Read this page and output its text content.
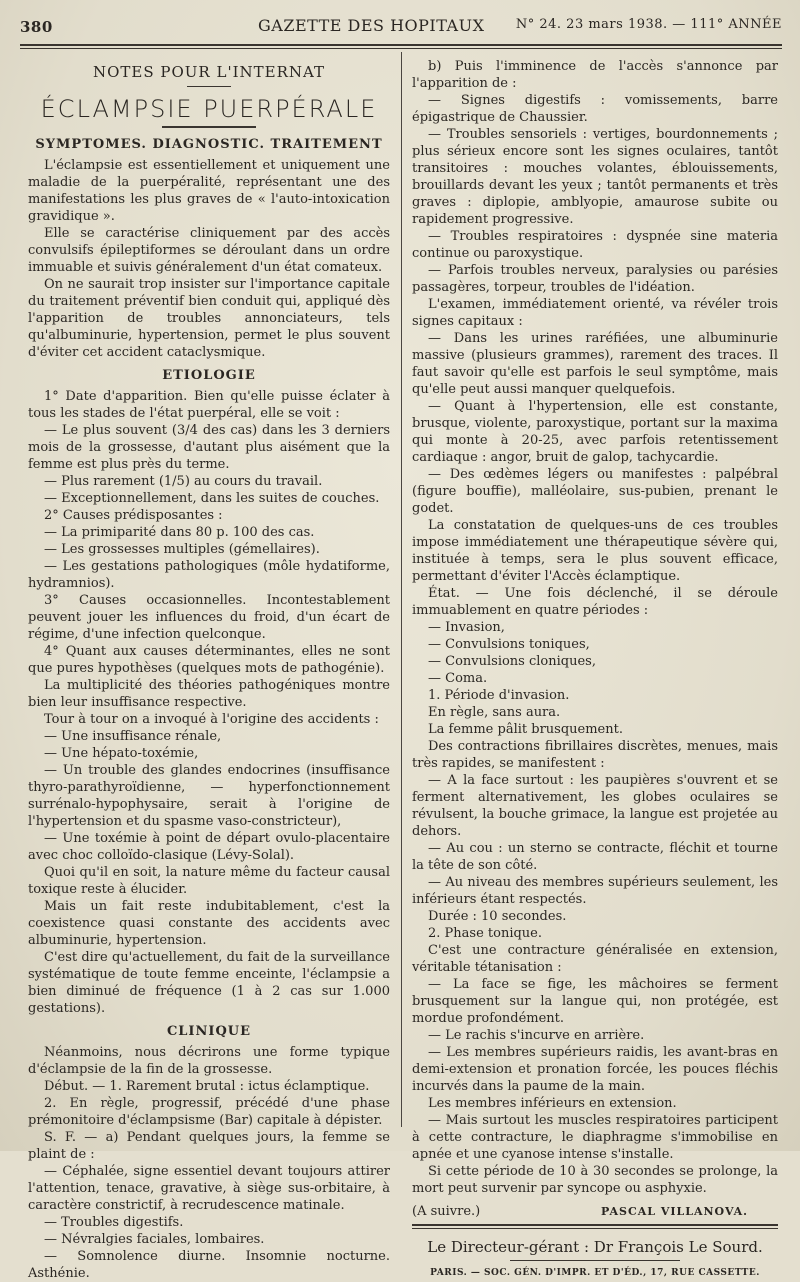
380	GAZETTE DES HOPITAUX N° 24. 23 mars 1938. — 111° ANNÉE
NOTES POUR L'INTERNAT
ÉCLAMPSIE PUERPÉRALE
SYMPTOMES. DIAGNOSTIC. TRAITEMENT

L'éclampsie est essentiellement et uniquement une maladie de la puerpéralité, représentant une des manifestations les plus graves de « l'auto-intoxication gravidique ».

Elle se caractérise cliniquement par des accès convulsifs épileptiformes se déroulant dans un ordre immuable et suivis généralement d'un état comateux.

On ne saurait trop insister sur l'importance capitale du traitement préventif bien conduit qui, appliqué dès l'apparition de troubles annonciateurs, tels qu'albuminurie, hypertension, permet le plus souvent d'éviter cet accident cataclysmique.

ETIOLOGIE

1° Date d'apparition. Bien qu'elle puisse éclater à tous les stades de l'état puerpéral, elle se voit :

— Le plus souvent (3/4 des cas) dans les 3 derniers mois de la grossesse, d'autant plus aisément que la femme est plus près du terme.

— Plus rarement (1/5) au cours du travail.

— Exceptionnellement, dans les suites de couches.

2° Causes prédisposantes :

— La primiparité dans 80 p. 100 des cas.

— Les grossesses multiples (gémellaires).

— Les gestations pathologiques (môle hydatiforme, hydramnios).

3° Causes occasionnelles. Incontestablement peuvent jouer les influences du froid, d'un écart de régime, d'une infection quelconque.

4° Quant aux causes déterminantes, elles ne sont que pures hypothèses (quelques mots de pathogénie).

La multiplicité des théories pathogéniques montre bien leur insuffisance respective.

Tour à tour on a invoqué à l'origine des accidents :

— Une insuffisance rénale,

— Une hépato-toxémie,

— Un trouble des glandes endocrines (insuffisance thyro-parathyroïdienne, — hyperfonctionnement surrénalo-hypophysaire, serait à l'origine de l'hypertension et du spasme vaso-constricteur),

— Une toxémie à point de départ ovulo-placentaire avec choc colloïdo-clasique (Lévy-Solal).

Quoi qu'il en soit, la nature même du facteur causal toxique reste à élucider.

Mais un fait reste indubitablement, c'est la coexistence quasi constante des accidents avec albuminurie, hypertension.

C'est dire qu'actuellement, du fait de la surveillance systématique de toute femme enceinte, l'éclampsie a bien diminué de fréquence (1 à 2 cas sur 1.000 gestations).

CLINIQUE

Néanmoins, nous décrirons une forme typique d'éclampsie de la fin de la grossesse.

Début. — 1. Rarement brutal : ictus éclamptique.

2. En règle, progressif, précédé d'une phase prémonitoire d'éclampsisme (Bar) capitale à dépister.

S. F. — a) Pendant quelques jours, la femme se plaint de :

— Céphalée, signe essentiel devant toujours attirer l'attention, tenace, gravative, à siège sus-orbitaire, à caractère constrictif, à recrudescence matinale.

— Troubles digestifs.

— Névralgies faciales, lombaires.

— Somnolence diurne. Insomnie nocturne. Asthénie.

b) Puis l'imminence de l'accès s'annonce par l'apparition de :

— Signes digestifs : vomissements, barre épigastrique de Chaussier.

— Troubles sensoriels : vertiges, bourdonnements ; plus sérieux encore sont les signes oculaires, tantôt transitoires : mouches volantes, éblouissements, brouillards devant les yeux ; tantôt permanents et très graves : diplopie, amblyopie, amaurose subite ou rapidement progressive.

— Troubles respiratoires : dyspnée sine materia continue ou paroxystique.

— Parfois troubles nerveux, paralysies ou parésies passagères, torpeur, troubles de l'idéation.

L'examen, immédiatement orienté, va révéler trois signes capitaux :

— Dans les urines raréfiées, une albuminurie massive (plusieurs grammes), rarement des traces. Il faut savoir qu'elle est parfois le seul symptôme, mais qu'elle peut aussi manquer quelquefois.

— Quant à l'hypertension, elle est constante, brusque, violente, paroxystique, portant sur la maxima qui monte à 20-25, avec parfois retentissement cardiaque : angor, bruit de galop, tachycardie.

— Des œdèmes légers ou manifestes : palpébral (figure bouffie), malléolaire, sus-pubien, prenant le godet.

La constatation de quelques-uns de ces troubles impose immédiatement une thérapeutique sévère qui, instituée à temps, sera le plus souvent efficace, permettant d'éviter l'Accès éclamptique.

État. — Une fois déclenché, il se déroule immuablement en quatre périodes :

— Invasion,

— Convulsions toniques,

— Convulsions cloniques,

— Coma.

1. Période d'invasion.

En règle, sans aura.

La femme pâlit brusquement.

Des contractions fibrillaires discrètes, menues, mais très rapides, se manifestent :

— A la face surtout : les paupières s'ouvrent et se ferment alternativement, les globes oculaires se révulsent, la bouche grimace, la langue est projetée au dehors.

— Au cou : un sterno se contracte, fléchit et tourne la tête de son côté.

— Au niveau des membres supérieurs seulement, les inférieurs étant respectés.

Durée : 10 secondes.

2. Phase tonique.

C'est une contracture généralisée en extension, véritable tétanisation :

— La face se fige, les mâchoires se ferment brusquement sur la langue qui, non protégée, est mordue profondément.

— Le rachis s'incurve en arrière.

— Les membres supérieurs raidis, les avant-bras en demi-extension et pronation forcée, les pouces fléchis incurvés dans la paume de la main.

Les membres inférieurs en extension.

— Mais surtout les muscles respiratoires participent à cette contracture, le diaphragme s'immobilise en apnée et une cyanose intense s'installe.

Si cette période de 10 à 30 secondes se prolonge, la mort peut survenir par syncope ou asphyxie.

(A suivre.)	PASCAL VILLANOVA.
Le Directeur-gérant : Dr François Le Sourd.
PARIS. — SOC. GÉN. D'IMPR. ET D'ÉD., 17, RUE CASSETTE.
